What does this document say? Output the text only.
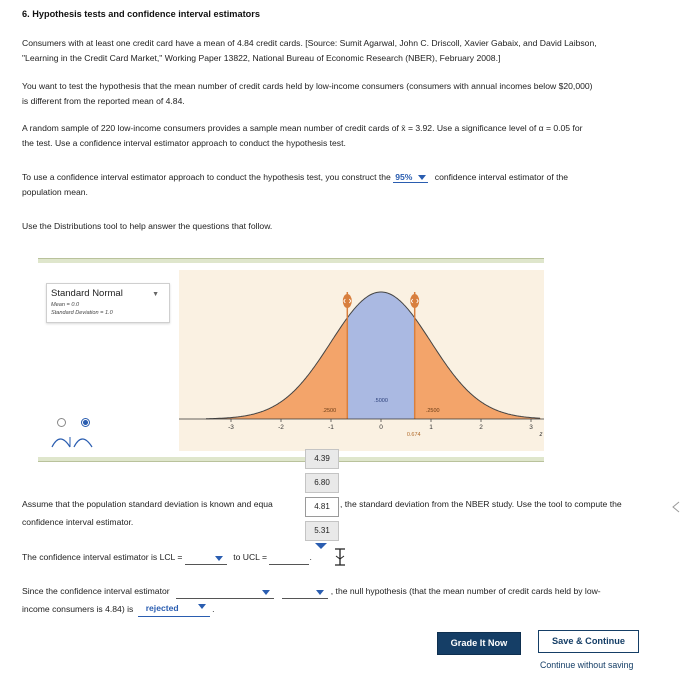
6. Hypothesis tests and confidence interval estimators
Consumers with at least one credit card have a mean of 4.84 credit cards. [Source: Sumit Agarwal, John C. Driscoll, Xavier Gabaix, and David Laibson,
"Learning in the Credit Card Market," Working Paper 13822, National Bureau of Economic Research (NBER), February 2008.]
You want to test the hypothesis that the mean number of credit cards held by low-income consumers (consumers with annual incomes below $20,000)
is different from the reported mean of 4.84.
A random sample of 220 low-income consumers provides a sample mean number of credit cards of x̄ = 3.92. Use a significance level of α = 0.05 for
the test. Use a confidence interval estimator approach to conduct the hypothesis test.
To use a confidence interval estimator approach to conduct the hypothesis test, you construct the 95%	confidence interval estimator of the
population mean.
Use the Distributions tool to help answer the questions that follow.
Standard Normal	▼
Mean = 0.0
Standard Deviation = 1.0
-3	-2	-1	0	1	2	3
.2500
.5000
.2500
0.674	z
4.39
6.80
4.81
5.31
Assume that the population standard deviation is known and equa	, the standard deviation from the NBER study. Use the tool to compute the
confidence interval estimator.
The confidence interval estimator is LCL =	to UCL =	.
Since the confidence interval estimator
	, the null hypothesis (that the mean number of credit cards held by low-
income consumers is 4.84) is rejected	.
Grade It Now	Save & Continue
Continue without saving
